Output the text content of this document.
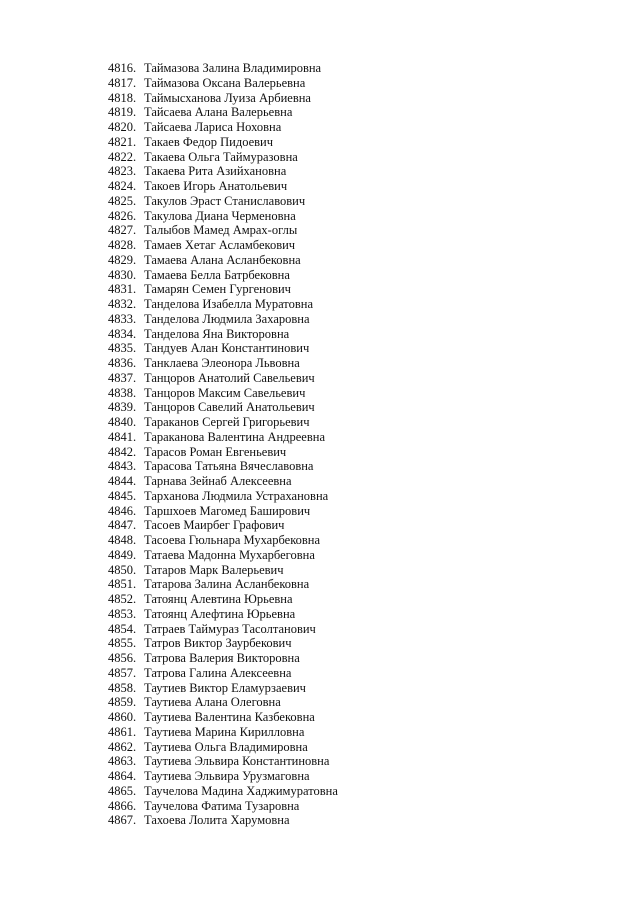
4816. Таймазова Залина Владимировна
4817. Таймазова Оксана Валерьевна
4818. Таймысханова Луиза Арбиевна
4819. Тайсаева Алана Валерьевна
4820. Тайсаева Лариса Ноховна
4821. Такаев Федор Пидоевич
4822. Такаева Ольга Таймуразовна
4823. Такаева Рита Азийхановна
4824. Такоев Игорь Анатольевич
4825. Такулов Эраст Станиславович
4826. Такулова Диана Черменовна
4827. Талыбов Мамед Амрах-оглы
4828. Тамаев Хетаг Асламбекович
4829. Тамаева Алана Асланбековна
4830. Тамаева Белла Батрбековна
4831. Тамарян Семен Гургенович
4832. Танделова Изабелла Муратовна
4833. Танделова Людмила Захаровна
4834. Танделова Яна Викторовна
4835. Тандуев Алан Константинович
4836. Танклаева Элеонора Львовна
4837. Танцоров Анатолий Савельевич
4838. Танцоров Максим Савельевич
4839. Танцоров Савелий Анатольевич
4840. Тараканов Сергей Григорьевич
4841. Тараканова Валентина Андреевна
4842. Тарасов Роман Евгеньевич
4843. Тарасова Татьяна Вячеславовна
4844. Тарнава Зейнаб Алексеевна
4845. Тарханова Людмила Устрахановна
4846. Таршхоев Магомед Баширович
4847. Тасоев Маирбег Графович
4848. Тасоева Гюльнара Мухарбековна
4849. Татаева Мадонна Мухарбеговна
4850. Татаров Марк Валерьевич
4851. Татарова Залина Асланбековна
4852. Татоянц Алевтина Юрьевна
4853. Татоянц Алефтина Юрьевна
4854. Татраев Таймураз Тасолтанович
4855. Татров Виктор Заурбекович
4856. Татрова Валерия Викторовна
4857. Татрова Галина Алексеевна
4858. Таутиев Виктор Еламурзаевич
4859. Таутиева Алана Олеговна
4860. Таутиева Валентина Казбековна
4861. Таутиева Марина Кирилловна
4862. Таутиева Ольга Владимировна
4863. Таутиева Эльвира Константиновна
4864. Таутиева Эльвира Урузмаговна
4865. Таучелова Мадина Хаджимуратовна
4866. Таучелова Фатима Тузаровна
4867. Тахоева Лолита Харумовна
